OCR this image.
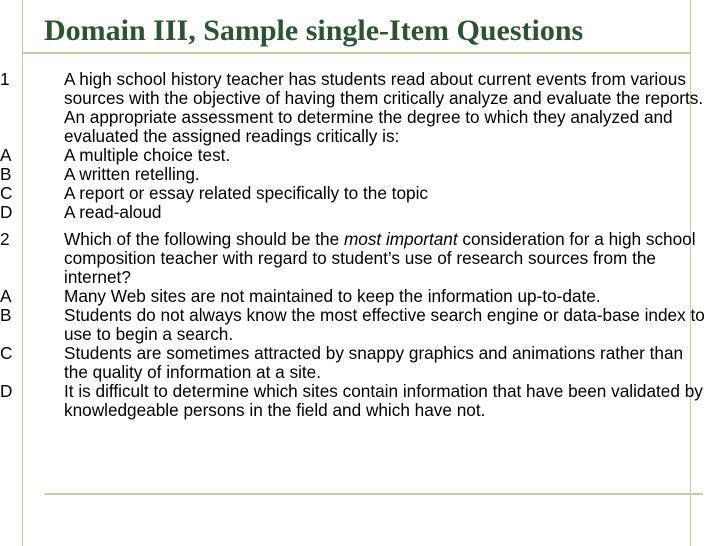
Domain III, Sample single-Item Questions
1	A high school history teacher has students read about current events from various sources with the objective of having them critically analyze and evaluate the reports. An appropriate assessment to determine the degree to which they analyzed and evaluated the assigned readings critically is:
A	A multiple choice test.
B	A written retelling.
C	A report or essay related specifically to the topic
D	A read-aloud
2	Which of the following should be the most important consideration for a high school composition teacher with regard to student’s use of research sources from the internet?
A	Many Web sites are not maintained to keep the information up-to-date.
B	Students do not always know the most effective search engine or data-base index to use to begin a search.
C	Students are sometimes attracted by snappy graphics and animations rather than the quality of information at a site.
D	It is difficult to determine which sites contain information that have been validated by knowledgeable persons in the field and which have not.
